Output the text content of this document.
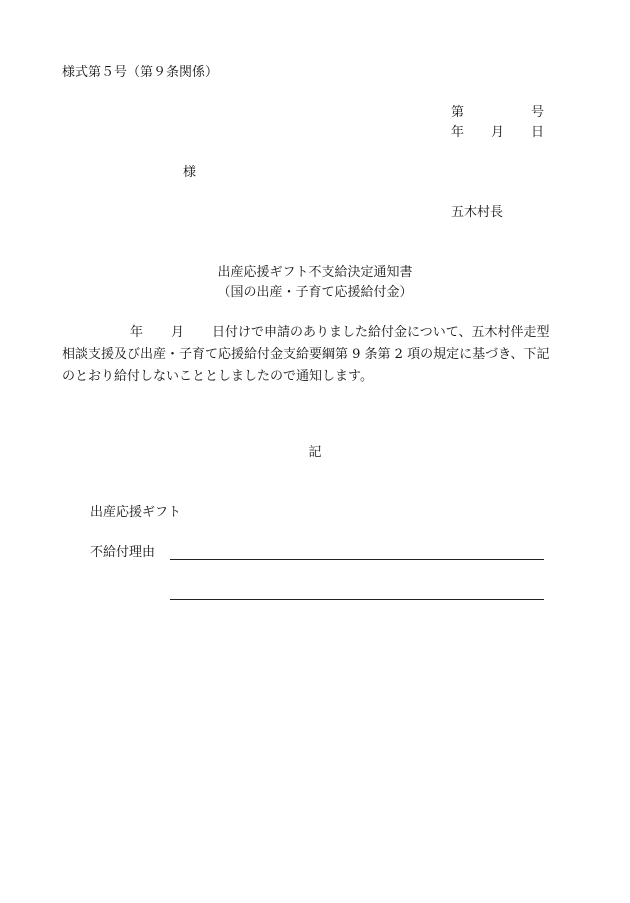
様式第５号（第９条関係）
第	号
年 月 日
様
五木村長
出産応援ギフト不支給決定通知書
（国の出産・子育て応援給付金）
年 月 日付けで申請のありました給付金について、五木村伴走型
相談支援及び出産・子育て応援給付金支給要綱第 9 条第 2 項の規定に基づき、下記
のとおり給付しないこととしましたので通知します。
記
出産応援ギフト
不給付理由
